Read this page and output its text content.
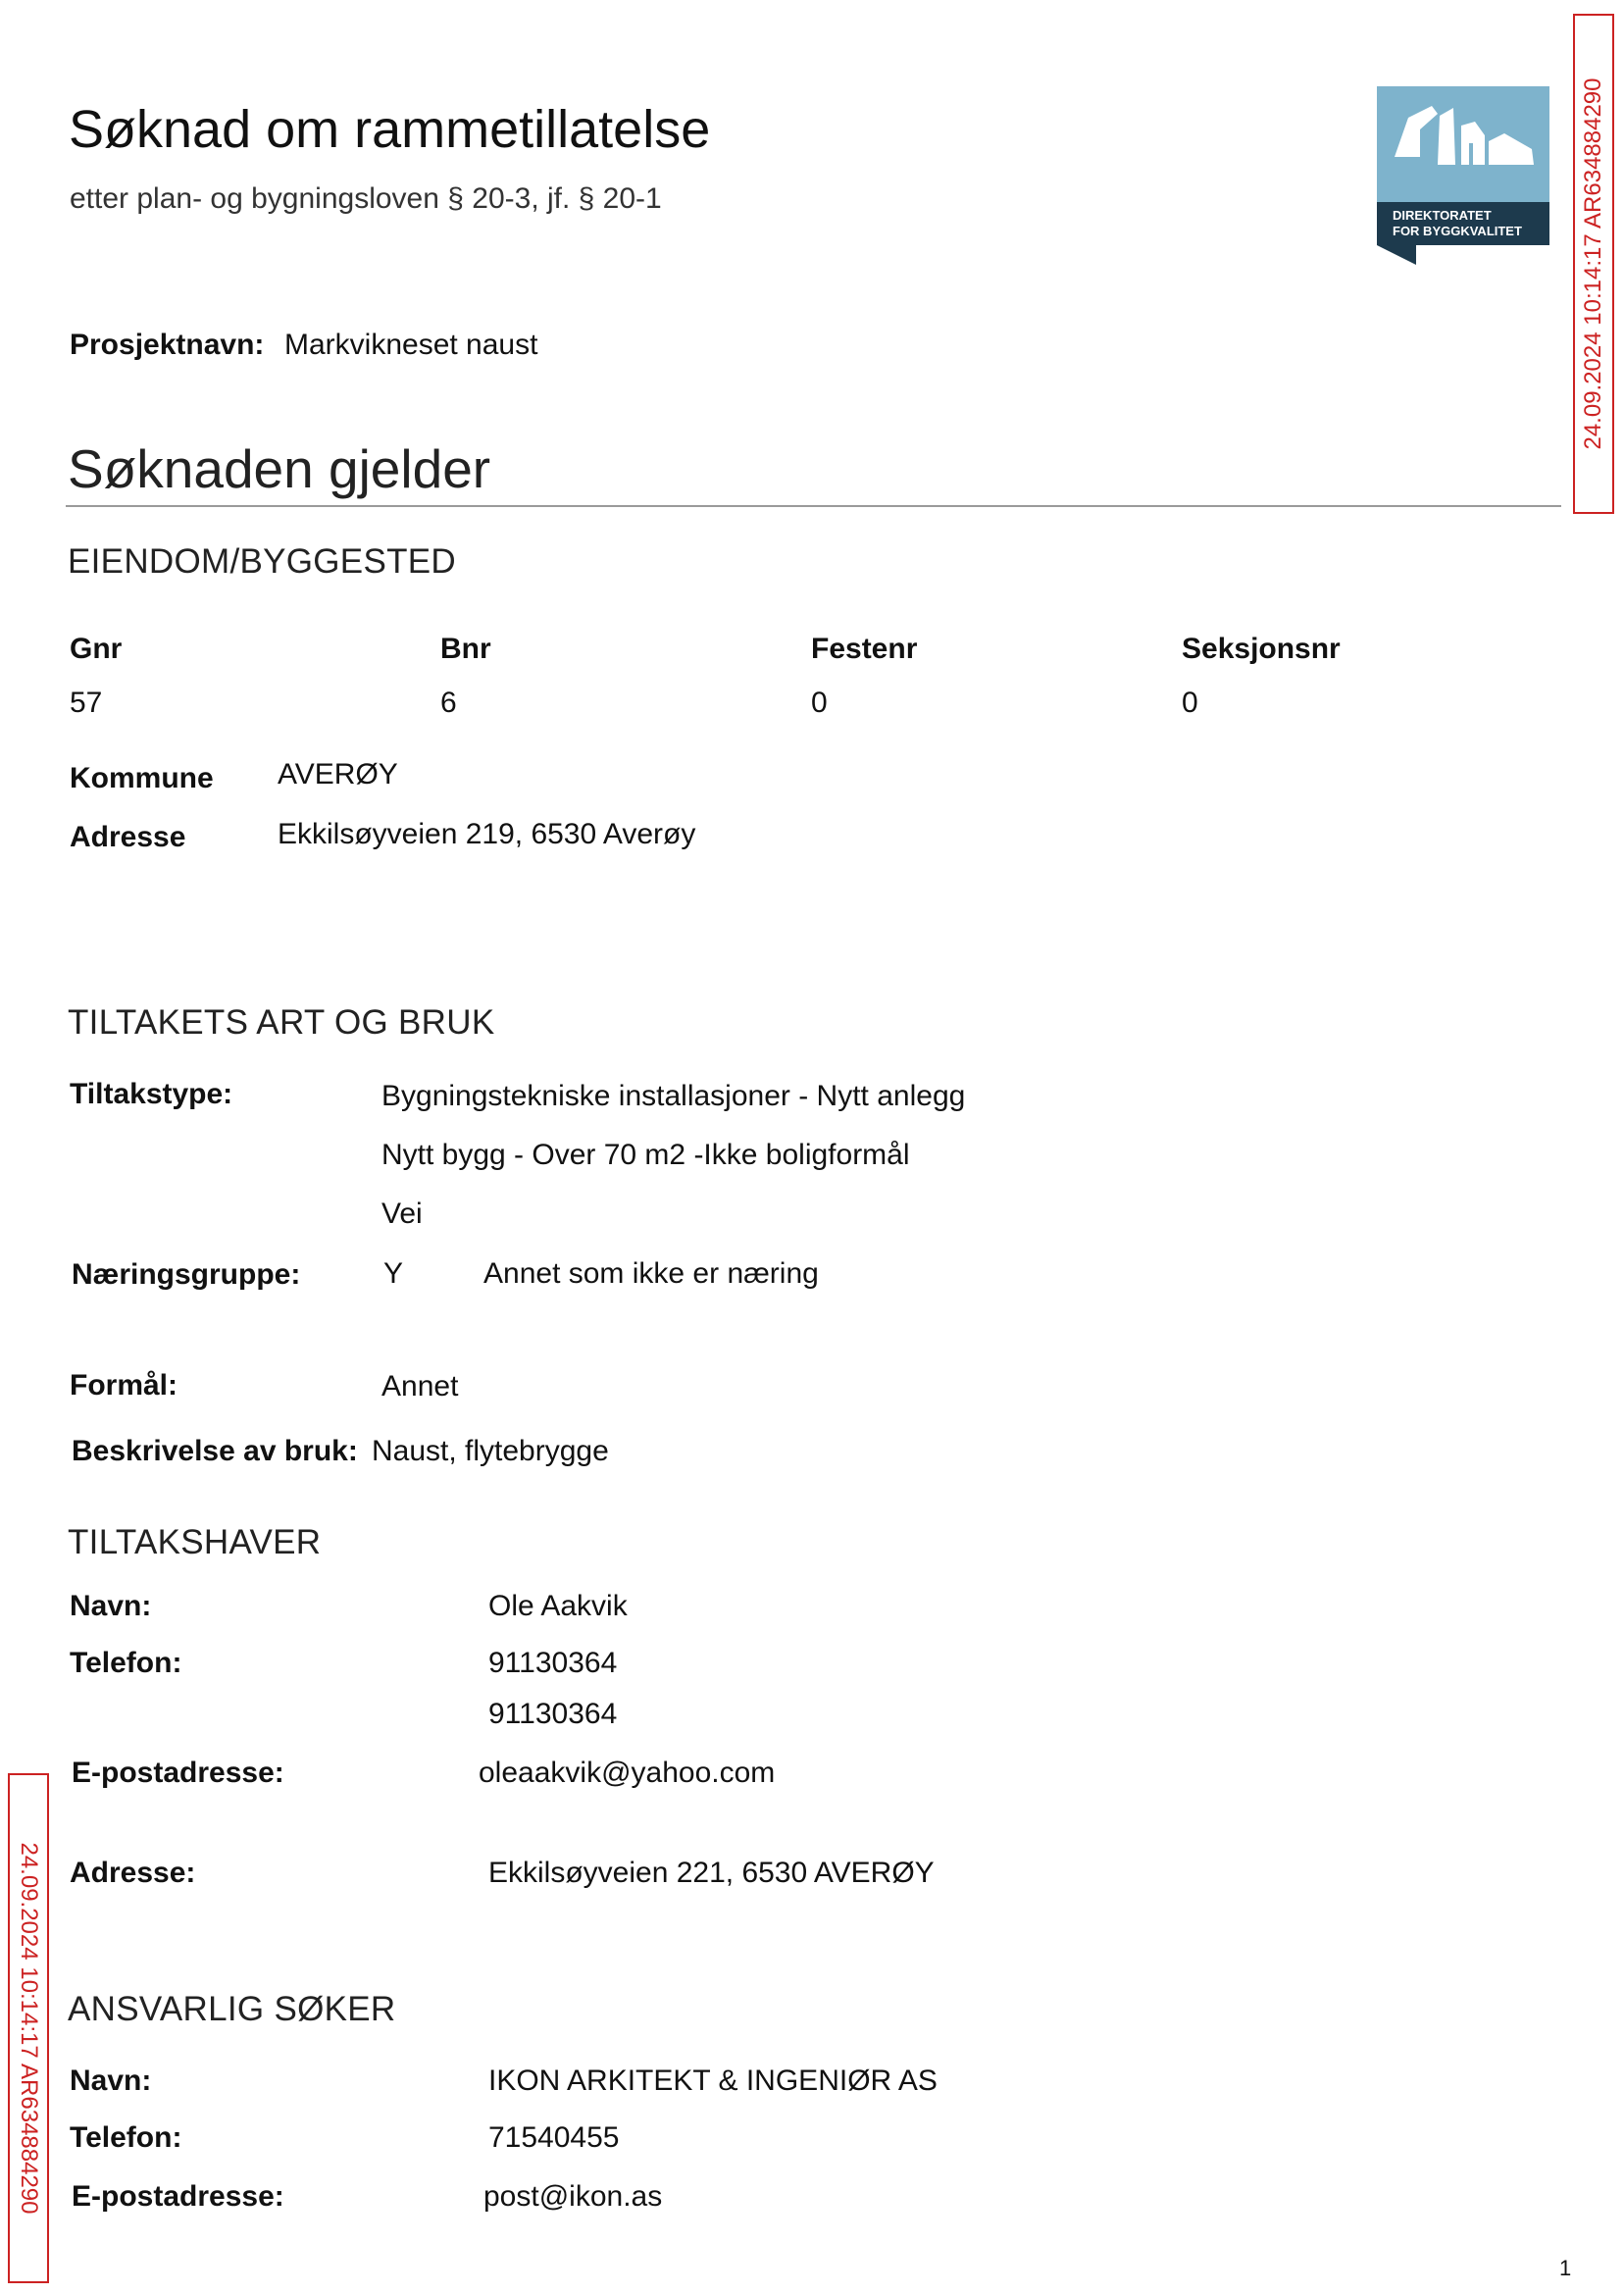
Søknad om rammetillatelse
etter plan- og bygningsloven § 20-3, jf. § 20-1
DIREKTORATET
FOR BYGGKVALITET
Prosjektnavn: Markvikneset naust
Søknaden gjelder
EIENDOM/BYGGESTED
Gnr	Bnr	Festenr	Seksjonsnr
57	6	0	0
Kommune AVERØY
Adresse	Ekkilsøyveien 219, 6530 Averøy
TILTAKETS ART OG BRUK
Tiltakstype:	Bygningstekniske installasjoner - Nytt anlegg
Nytt bygg - Over 70 m2 -Ikke boligformål
Vei
Næringsgruppe:	Y	Annet som ikke er næring
Formål:	Annet
Beskrivelse av bruk: Naust, flytebrygge
TILTAKSHAVER
Navn:	Ole Aakvik
Telefon:	91130364
91130364
E-postadresse:	oleaakvik@yahoo.com
Adresse:	Ekkilsøyveien 221, 6530 AVERØY
ANSVARLIG SØKER
Navn:	IKON ARKITEKT & INGENIØR AS
Telefon:	71540455
E-postadresse:	post@ikon.as
1
24.09.2024 10:14:17 AR634884290
24.09.2024 10:14:17 AR634884290
